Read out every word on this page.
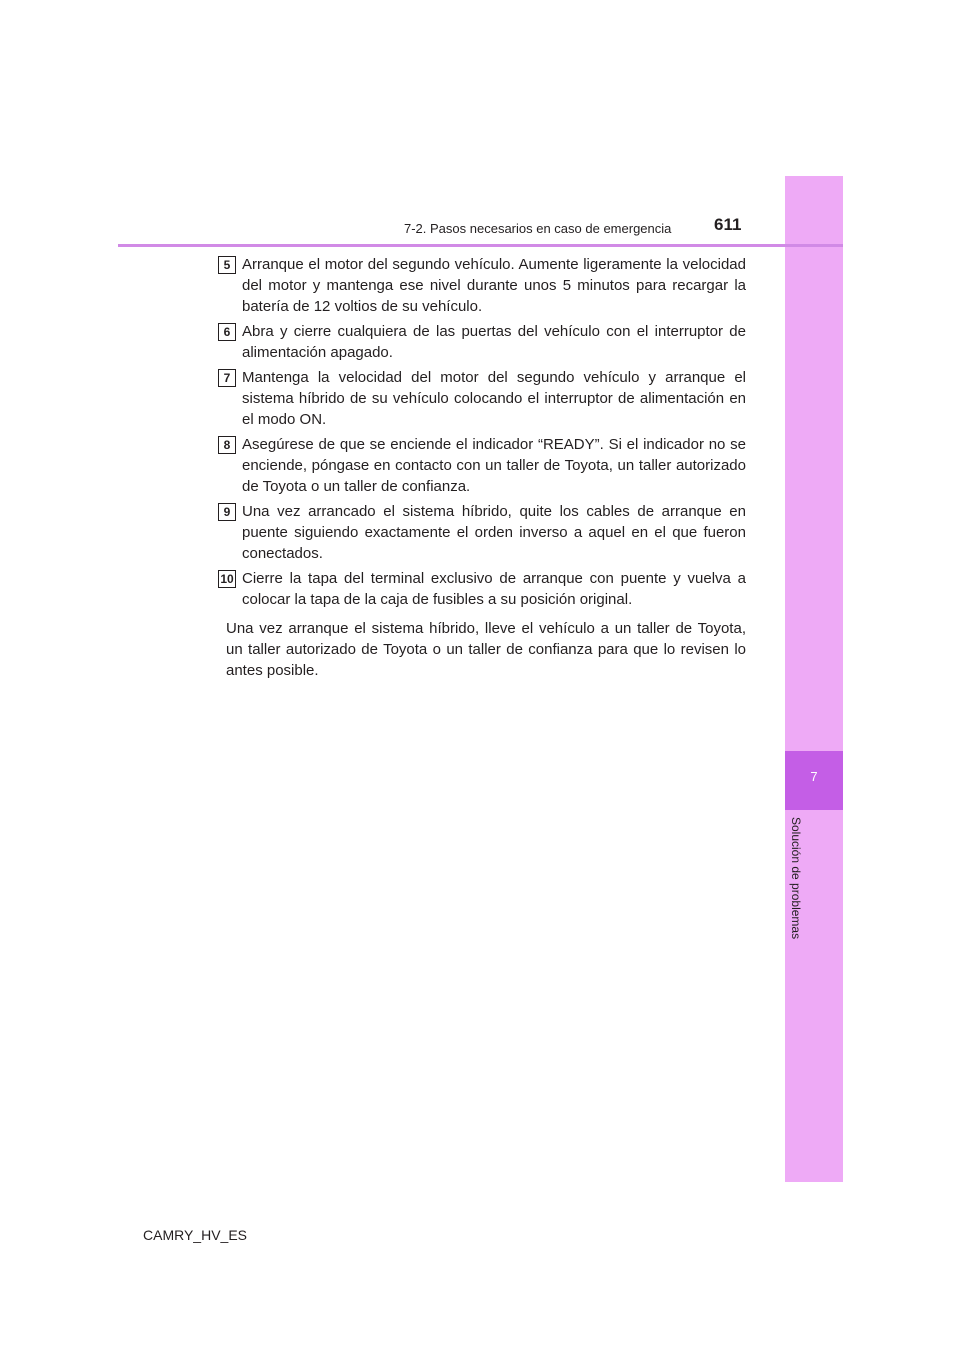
7
Solución de problemas
7-2. Pasos necesarios en caso de emergencia	611
5 Arranque el motor del segundo vehículo. Aumente ligeramente la velocidad del motor y mantenga ese nivel durante unos 5 minutos para recargar la batería de 12 voltios de su vehículo.
6 Abra y cierre cualquiera de las puertas del vehículo con el interruptor de alimentación apagado.
7 Mantenga la velocidad del motor del segundo vehículo y arranque el sistema híbrido de su vehículo colocando el interruptor de alimentación en el modo ON.
8 Asegúrese de que se enciende el indicador “READY”. Si el indicador no se enciende, póngase en contacto con un taller de Toyota, un taller autorizado de Toyota o un taller de confianza.
9 Una vez arrancado el sistema híbrido, quite los cables de arranque en puente siguiendo exactamente el orden inverso a aquel en el que fueron conectados.
10 Cierre la tapa del terminal exclusivo de arranque con puente y vuelva a colocar la tapa de la caja de fusibles a su posición original.
Una vez arranque el sistema híbrido, lleve el vehículo a un taller de Toyota, un taller autorizado de Toyota o un taller de confianza para que lo revisen lo antes posible.
CAMRY_HV_ES
